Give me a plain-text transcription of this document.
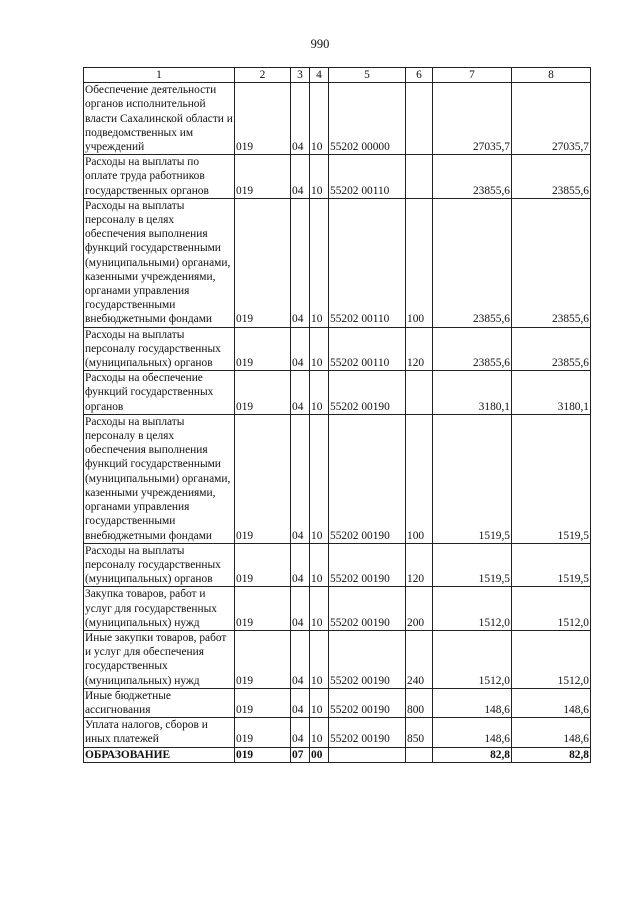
990
1	2	3	4	5	6	7	8
Обеспечение деятельности органов исполнительной власти Сахалинской области и подведомственных им учреждений	019	04	10	55202 00000		27035,7	27035,7
Расходы на выплаты по оплате труда работников государственных органов	019	04	10	55202 00110		23855,6	23855,6
Расходы на выплаты персоналу в целях обеспечения выполнения функций государственными (муниципальными) органами, казенными учреждениями, органами управления государственными внебюджетными фондами	019	04	10	55202 00110	100	23855,6	23855,6
Расходы на выплаты персоналу государственных (муниципальных) органов	019	04	10	55202 00110	120	23855,6	23855,6
Расходы на обеспечение функций государственных органов	019	04	10	55202 00190		3180,1	3180,1
Расходы на выплаты персоналу в целях обеспечения выполнения функций государственными (муниципальными) органами, казенными учреждениями, органами управления государственными внебюджетными фондами	019	04	10	55202 00190	100	1519,5	1519,5
Расходы на выплаты персоналу государственных (муниципальных) органов	019	04	10	55202 00190	120	1519,5	1519,5
Закупка товаров, работ и услуг для государственных (муниципальных) нужд	019	04	10	55202 00190	200	1512,0	1512,0
Иные закупки товаров, работ и услуг для обеспечения государственных (муниципальных) нужд	019	04	10	55202 00190	240	1512,0	1512,0
Иные бюджетные ассигнования	019	04	10	55202 00190	800	148,6	148,6
Уплата налогов, сборов и иных платежей	019	04	10	55202 00190	850	148,6	148,6
ОБРАЗОВАНИЕ	019	07	00			82,8	82,8
